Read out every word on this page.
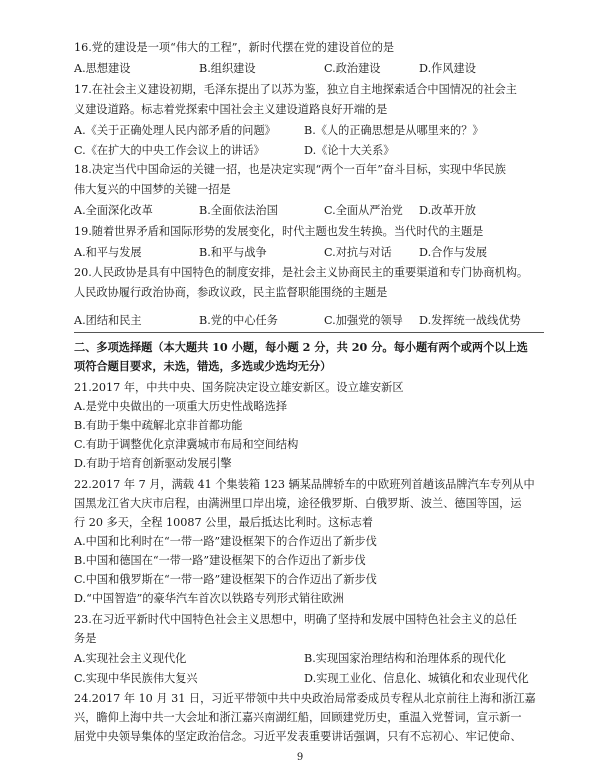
16.党的建设是一项“伟大的工程”，新时代摆在党的建设首位的是
A.思想建设	B.组织建设	C.政治建设	D.作风建设
17.在社会主义建设初期，毛泽东提出了以苏为鉴，独立自主地探索适合中国情况的社会主
义建设道路。标志着党探索中国社会主义建设道路良好开端的是
A.《关于正确处理人民内部矛盾的问题》	B.《人的正确思想是从哪里来的？》
C.《在扩大的中央工作会议上的讲话》	D.《论十大关系》
18.决定当代中国命运的关键一招，也是决定实现“两个一百年”奋斗目标，实现中华民族
伟大复兴的中国梦的关键一招是
A.全面深化改革	B.全面依法治国	C.全面从严治党 D.改革开放
19.随着世界矛盾和国际形势的发展变化，时代主题也发生转换。当代时代的主题是
A.和平与发展	B.和平与战争	C.对抗与对话 D.合作与发展
20.人民政协是具有中国特色的制度安排，是社会主义协商民主的重要渠道和专门协商机构。
人民政协履行政治协商，参政议政，民主监督职能围绕的主题是
A.团结和民主	B.党的中心任务	C.加强党的领导 D.发挥统一战线优势
二、多项选择题（本大题共 10 小题，每小题 2 分，共 20 分。每小题有两个或两个以上选
项符合题目要求，未选，错选，多选或少选均无分）
21.2017 年，中共中央、国务院决定设立雄安新区。设立雄安新区
A.是党中央做出的一项重大历史性战略选择
B.有助于集中疏解北京非首都功能
C.有助于调整优化京津冀城市布局和空间结构
D.有助于培育创新驱动发展引擎
22.2017 年 7 月，满载 41 个集装箱 123 辆某品牌轿车的中欧班列首趟该品牌汽车专列从中
国黑龙江省大庆市启程，由满洲里口岸出境，途径俄罗斯、白俄罗斯、波兰、德国等国，运
行 20 多天，全程 10087 公里，最后抵达比利时。这标志着
A.中国和比利时在“一带一路”建设框架下的合作迈出了新步伐
B.中国和德国在“一带一路”建设框架下的合作迈出了新步伐
C.中国和俄罗斯在“一带一路”建设框架下的合作迈出了新步伐
D.“中国智造”的豪华汽车首次以铁路专列形式销往欧洲
23.在习近平新时代中国特色社会主义思想中，明确了坚持和发展中国特色社会主义的总任
务是
A.实现社会主义现代化	B.实现国家治理结构和治理体系的现代化
C.实现中华民族伟大复兴	D.实现工业化、信息化、城镇化和农业现代化
24.2017 年 10 月 31 日，习近平带领中共中央政治局常委成员专程从北京前往上海和浙江嘉
兴，瞻仰上海中共一大会址和浙江嘉兴南湖红船，回顾建党历史，重温入党誓词，宣示新一
届党中央领导集体的坚定政治信念。习近平发表重要讲话强调，只有不忘初心、牢记使命、
9
